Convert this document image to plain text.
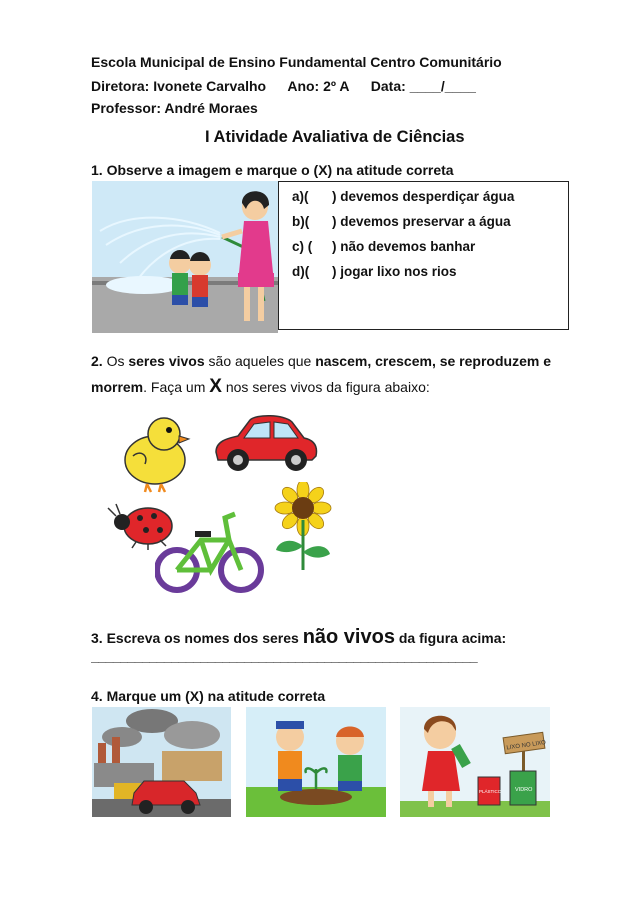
Escola Municipal de Ensino Fundamental Centro Comunitário
Diretora: Ivonete Carvalho Ano: 2º A Data: ____/____
Professor: André Moraes
I Atividade Avaliativa de Ciências
1. Observe a imagem e marque o (X) na atitude correta
a)( ) devemos desperdiçar água
b)( ) devemos preservar a água
c) ( ) não devemos banhar
d)( ) jogar lixo nos rios
2. Os seres vivos são aqueles que nascem, crescem, se reproduzem e morrem. Faça um X nos seres vivos da figura abaixo:
3. Escreva os nomes dos seres não vivos da figura acima:
_____________________________________________________
4. Marque um (X) na atitude correta
LIXO NO LIXO
PLÁSTICO VIDRO
